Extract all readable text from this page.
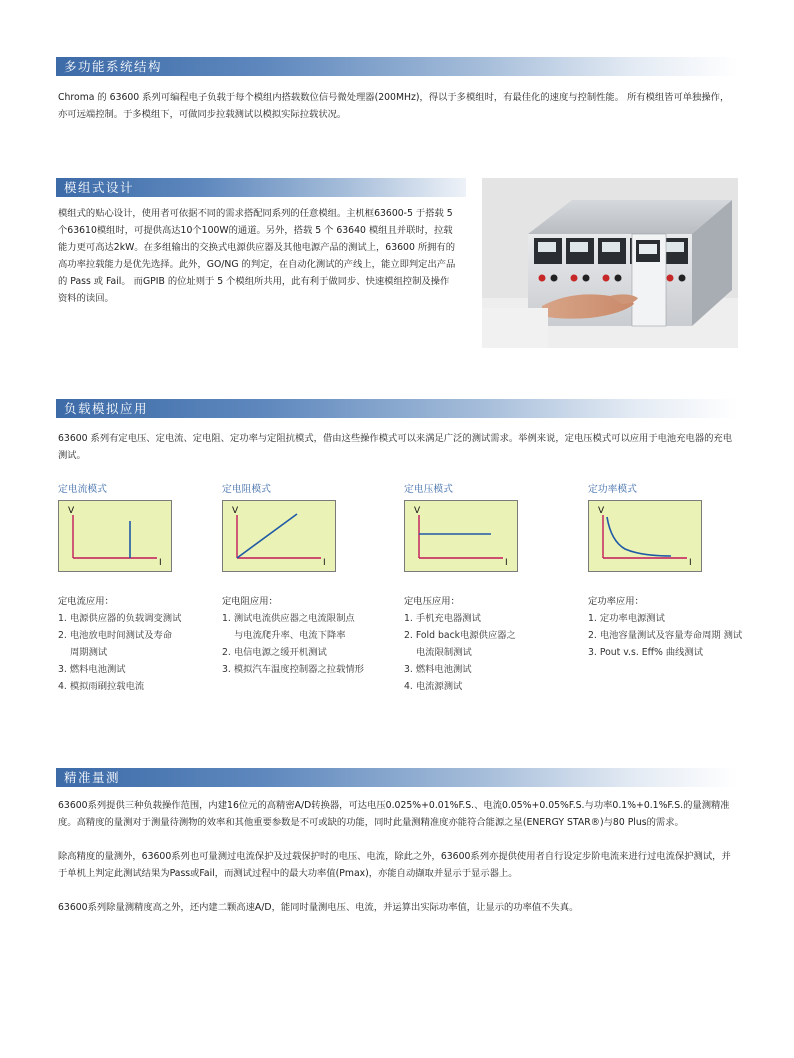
多功能系统结构

Chroma 的 63600 系列可编程电子负载于每个模组内搭载数位信号微处理器(200MHz)，得以于多模组时，有最佳化的速度与控制性能。 所有模组皆可单独操作，亦可远端控制。于多模组下，可做同步拉载测试以模拟实际拉载状况。

模组式设计

模组式的贴心设计，使用者可依据不同的需求搭配同系列的任意模组。主机框63600-5 于搭载 5 个63610模组时，可提供高达10个100W的通道。另外，搭载 5 个 63640 模组且并联时，拉载能力更可高达2kW。在多组输出的交换式电源供应器及其他电源产品的测试上，63600 所拥有的高功率拉载能力是优先选择。此外，GO/NG 的判定，在自动化测试的产线上，能立即判定出产品的 Pass 或 Fail。 而GPIB 的位址则于 5 个模组所共用，此有利于做同步、快速模组控制及操作资料的读回。

负载模拟应用

63600 系列有定电压、定电流、定电阻、定功率与定阻抗模式，借由这些操作模式可以来满足广泛的测试需求。举例来说，定电压模式可以应用于电池充电器的充电测试。

定电流模式
V
I
定电流应用：
1. 电源供应器的负载调变测试
2. 电池放电时间测试及寿命
周期测试
3. 燃料电池测试
4. 模拟雨刷拉载电流
定电阻模式
V
I
定电阻应用：
1. 测试电流供应器之电流限制点
与电流爬升率、电流下降率
2. 电信电源之缓开机测试
3. 模拟汽车温度控制器之拉载情形
定电压模式
V
I
定电压应用：
1. 手机充电器测试
2. Fold back电源供应器之
电流限制测试
3. 燃料电池测试
4. 电流源测试
定功率模式
V
I
定功率应用：
1. 定功率电源测试
2. 电池容量测试及容量寿命周期 测试
3. Pout v.s. Eff% 曲线测试
精准量测

63600系列提供三种负载操作范围，内建16位元的高精密A/D转换器，可达电压0.025%+0.01%F.S.、电流0.05%+0.05%F.S.与功率0.1%+0.1%F.S.的量测精准度。高精度的量测对于测量待测物的效率和其他重要参数是不可或缺的功能，同时此量测精准度亦能符合能源之星(ENERGY STAR®)与80 Plus的需求。

除高精度的量测外，63600系列也可量测过电流保护及过载保护时的电压、电流，除此之外，63600系列亦提供使用者自行设定步阶电流来进行过电流保护测试，并于单机上判定此测试结果为Pass或Fail，而测试过程中的最大功率值(Pmax)，亦能自动撷取并显示于显示器上。

63600系列除量测精度高之外，还内建二颗高速A/D，能同时量测电压、电流，并运算出实际功率值，让显示的功率值不失真。
